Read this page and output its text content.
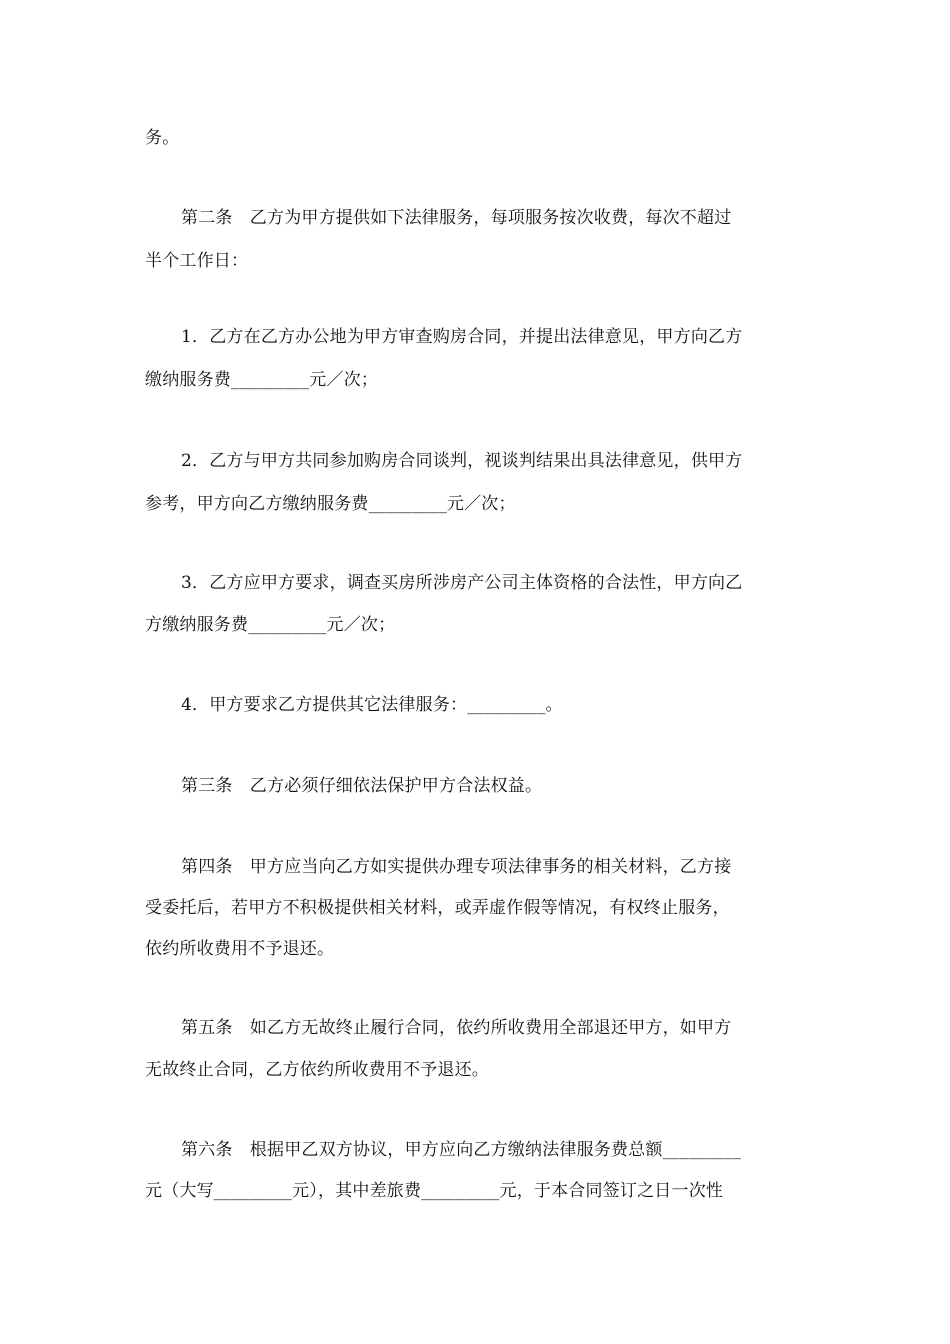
务。
第二条　乙方为甲方提供如下法律服务，每项服务按次收费，每次不超过
半个工作日：
1．乙方在乙方办公地为甲方审查购房合同，并提出法律意见，甲方向乙方
缴纳服务费_________元／次；
2．乙方与甲方共同参加购房合同谈判，视谈判结果出具法律意见，供甲方
参考，甲方向乙方缴纳服务费_________元／次；
3．乙方应甲方要求，调查买房所涉房产公司主体资格的合法性，甲方向乙
方缴纳服务费_________元／次；
4．甲方要求乙方提供其它法律服务：_________。
第三条　乙方必须仔细依法保护甲方合法权益。
第四条　甲方应当向乙方如实提供办理专项法律事务的相关材料，乙方接
受委托后，若甲方不积极提供相关材料，或弄虚作假等情况，有权终止服务，
依约所收费用不予退还。
第五条　如乙方无故终止履行合同，依约所收费用全部退还甲方，如甲方
无故终止合同，乙方依约所收费用不予退还。
第六条　根据甲乙双方协议，甲方应向乙方缴纳法律服务费总额_________
元（大写_________元），其中差旅费_________元，于本合同签订之日一次性
